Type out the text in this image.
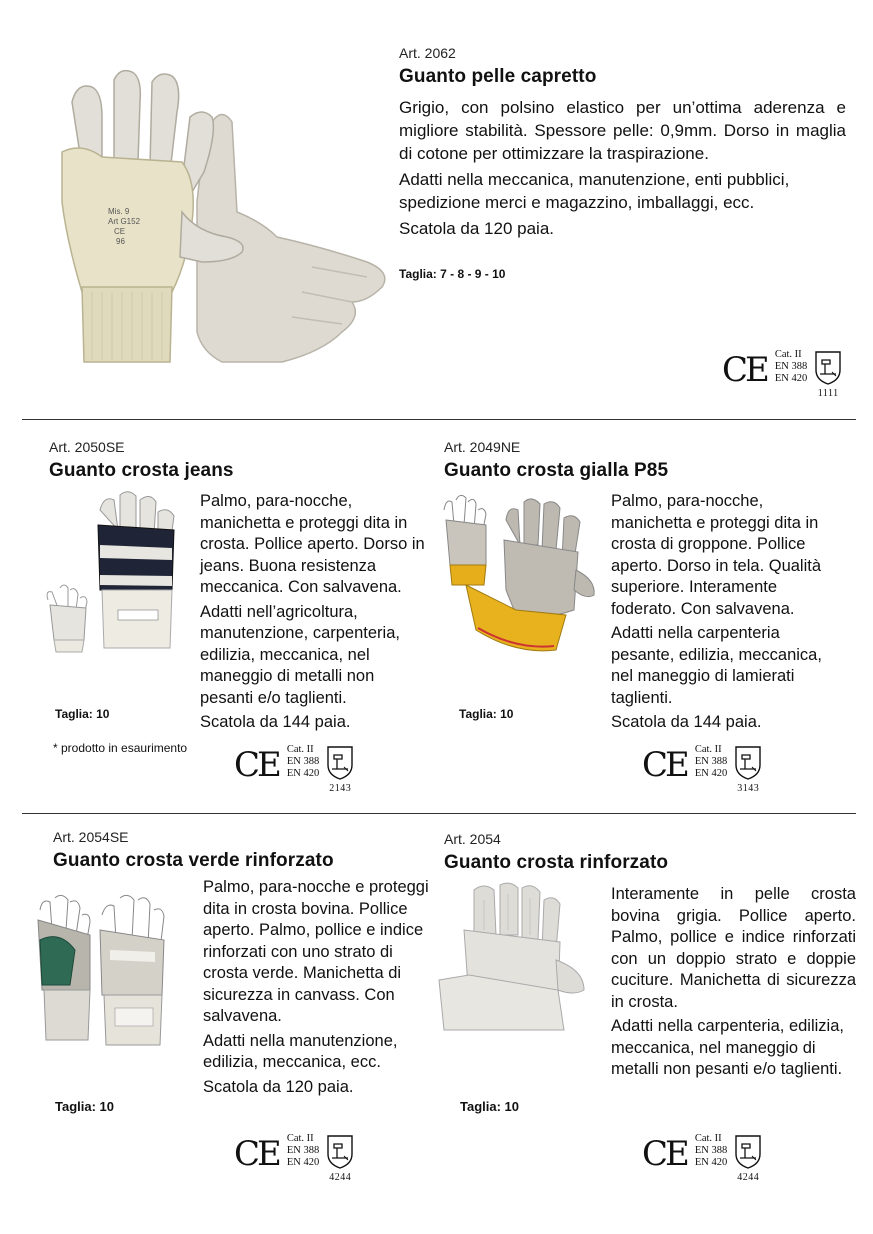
Mis. 9
Art G152
CE
96
Art. 2062
Guanto pelle capretto

Grigio, con polsino elastico per un’ottima aderenza e migliore stabilità. Spessore pelle: 0,9mm. Dorso in maglia di cotone per ottimizzare la traspirazione.

Adatti nella meccanica, manutenzione, enti pubblici, spedizione merci e magazzino, imballaggi, ecc.

Scatola da 120 paia.

Taglia: 7 - 8 - 9 - 10
CE Cat. II
EN 388
EN 420
1111
Art. 2050SE
Guanto crosta jeans

Palmo, para-nocche, manichetta e proteggi dita in crosta. Pollice aperto. Dorso in jeans. Buona resistenza meccanica. Con salvavena.

Adatti nell’agricoltura, manutenzione, carpenteria, edilizia, meccanica, nel maneggio di metalli non pesanti e/o taglienti.

Scatola da 144 paia.

Taglia: 10
* prodotto in esaurimento CE Cat. II
EN 388
EN 420
2143
Art. 2049NE
Guanto crosta gialla P85

Palmo, para-nocche, manichetta e proteggi dita in crosta di groppone. Pollice aperto. Dorso in tela. Qualità superiore. Interamente foderato. Con salvavena.

Adatti nella carpenteria pesante, edilizia, meccanica, nel maneggio di lamierati taglienti.

Scatola da 144 paia.

Taglia: 10
CE Cat. II
EN 388
EN 420
3143
Art. 2054SE
Guanto crosta verde rinforzato

Palmo, para-nocche e proteggi dita in crosta bovina. Pollice aperto. Palmo, pollice e indice rinforzati con uno strato di crosta verde. Manichetta di sicurezza in canvass. Con salvavena.

Adatti nella manutenzione, edilizia, meccanica, ecc.

Scatola da 120 paia.

Taglia: 10
CE Cat. II
EN 388
EN 420
4244
Art. 2054
Guanto crosta rinforzato

Interamente in pelle crosta bovina grigia. Pollice aperto. Palmo, pollice e indice rinforzati con un doppio strato e doppie cuciture. Manichetta di sicurezza in crosta.

Adatti nella carpenteria, edilizia, meccanica, nel maneggio di metalli non pesanti e/o taglienti.

Taglia: 10
CE Cat. II
EN 388
EN 420
4244
